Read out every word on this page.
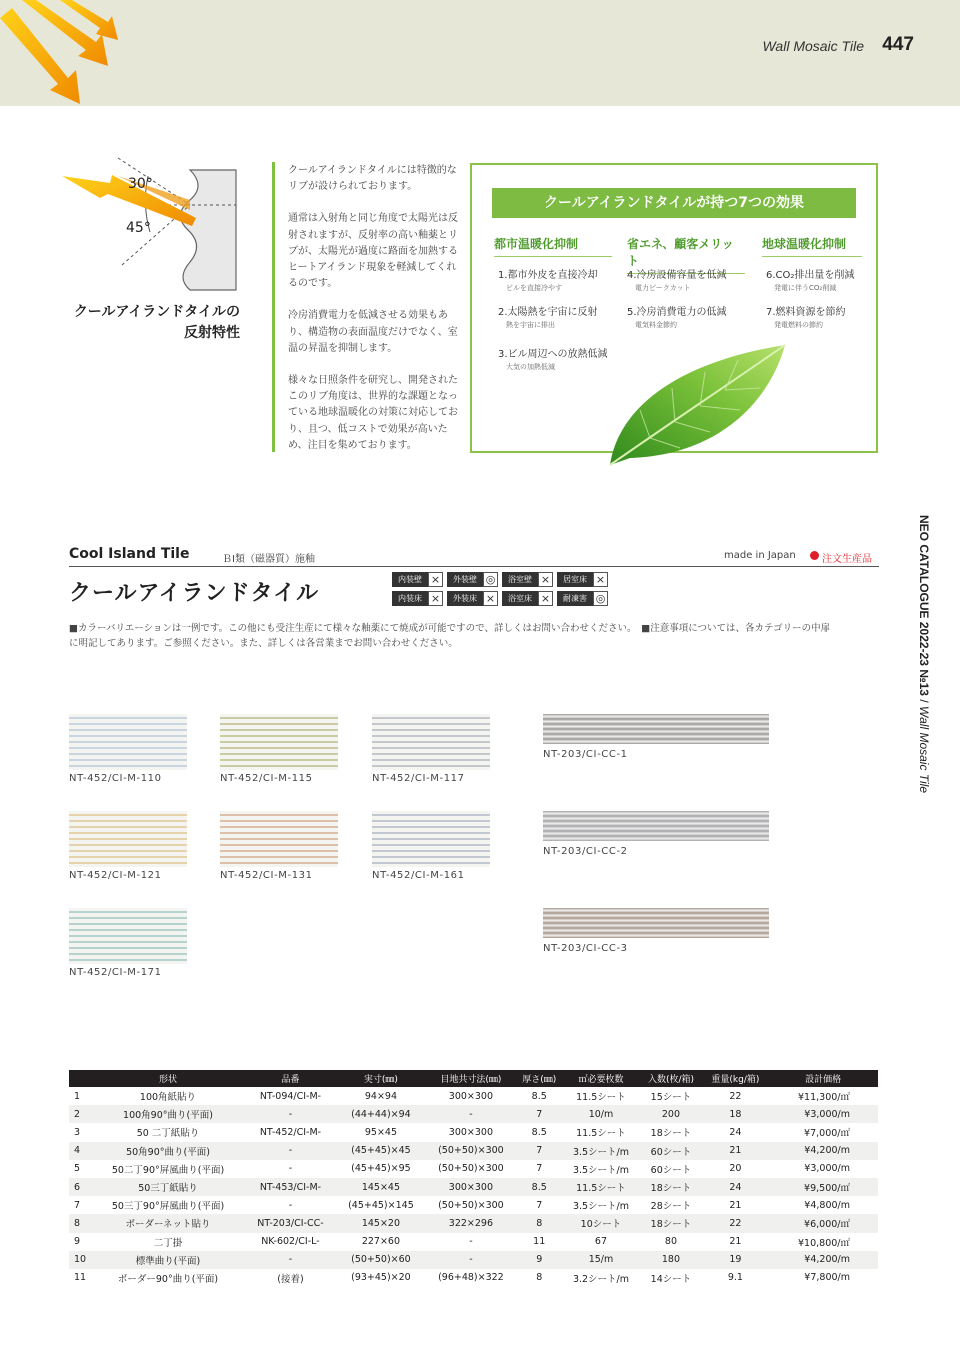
Wall Mosaic Tile 447
30°
45°
クールアイランドタイルの
反射特性

クールアイランドタイルには特徴的なリブが設けられております。

通常は入射角と同じ角度で太陽光は反射されますが、反射率の高い釉薬とリブが、太陽光が過度に路面を加熱するヒートアイランド現象を軽減してくれるのです。

冷房消費電力を低減させる効果もあり、構造物の表面温度だけでなく、室温の昇温を抑制します。

様々な日照条件を研究し、開発されたこのリブ角度は、世界的な課題となっている地球温暖化の対策に対応しており、且つ、低コストで効果が高いため、注目を集めております。

クールアイランドタイルが持つ7つの効果
都市温暖化抑制	省エネ、顧客メリット
地球温暖化抑制
1.都市外皮を直接冷却
ビルを直接冷やす
2.太陽熱を宇宙に反射
熱を宇宙に排出
3.ビル周辺への放熱低減
大気の加熱低減
4.冷房設備容量を低減
電力ピークカット
5.冷房消費電力の低減
電気料金節約
6.CO₂排出量を削減
発電に伴うCO₂削減
7.燃料資源を節約
発電燃料の節約
NEO CATALOGUE 2022-23 №13 / Wall Mosaic Tile
Cool Island Tile	ＢⅠ類（磁器質）施釉	made in Japan	注文生産品
クールアイランドタイル
内装壁 ×	外装壁 ◎	浴室壁 ×	居室床 ×
内装床 ×	外装床 ×	浴室床 ×	耐凍害 ◎
■カラーバリエーションは一例です。この他にも受注生産にて様々な釉薬にて焼成が可能ですので、詳しくはお問い合わせください。　■注意事項については、各カテゴリーの中扉
に明記してあります。ご参照ください。また、詳しくは各営業までお問い合わせください。
NT-452/CI-M-110	NT-452/CI-M-115	NT-452/CI-M-117
NT-452/CI-M-121	NT-452/CI-M-131	NT-452/CI-M-161
NT-452/CI-M-171
NT-203/CI-CC-1
NT-203/CI-CC-2
NT-203/CI-CC-3
	形状	品番	実寸(㎜)	目地共寸法(㎜)	厚さ(㎜)	㎡必要枚数	入数(枚/箱)	重量(kg/箱)	設計価格
1	100角紙貼り	NT-094/CI-M-	94×94	300×300	8.5	11.5シート	15シート	22	¥11,300/㎡
2	100角90°曲り(平面)	-	(44+44)×94	-	7	10/m	200	18	¥3,000/m
3	50 二丁紙貼り	NT-452/CI-M-	95×45	300×300	8.5	11.5シート	18シート	24	¥7,000/㎡
4	50角90°曲り(平面)	-	(45+45)×45	(50+50)×300	7	3.5シート/m	60シート	21	¥4,200/m
5	50二丁90°屏風曲り(平面)	-	(45+45)×95	(50+50)×300	7	3.5シート/m	60シート	20	¥3,000/m
6	50三丁紙貼り	NT-453/CI-M-	145×45	300×300	8.5	11.5シート	18シート	24	¥9,500/㎡
7	50三丁90°屏風曲り(平面)	-	(45+45)×145	(50+50)×300	7	3.5シート/m	28シート	21	¥4,800/m
8	ボーダーネット貼り	NT-203/CI-CC-	145×20	322×296	8	10シート	18シート	22	¥6,000/㎡
9	二丁掛	NK-602/CI-L-	227×60	-	11	67	80	21	¥10,800/㎡
10	標準曲り(平面)	-	(50+50)×60	-	9	15/m	180	19	¥4,200/m
11	ボーダー90°曲り(平面)	(接着)	(93+45)×20	(96+48)×322	8	3.2シート/m	14シート	9.1	¥7,800/m
